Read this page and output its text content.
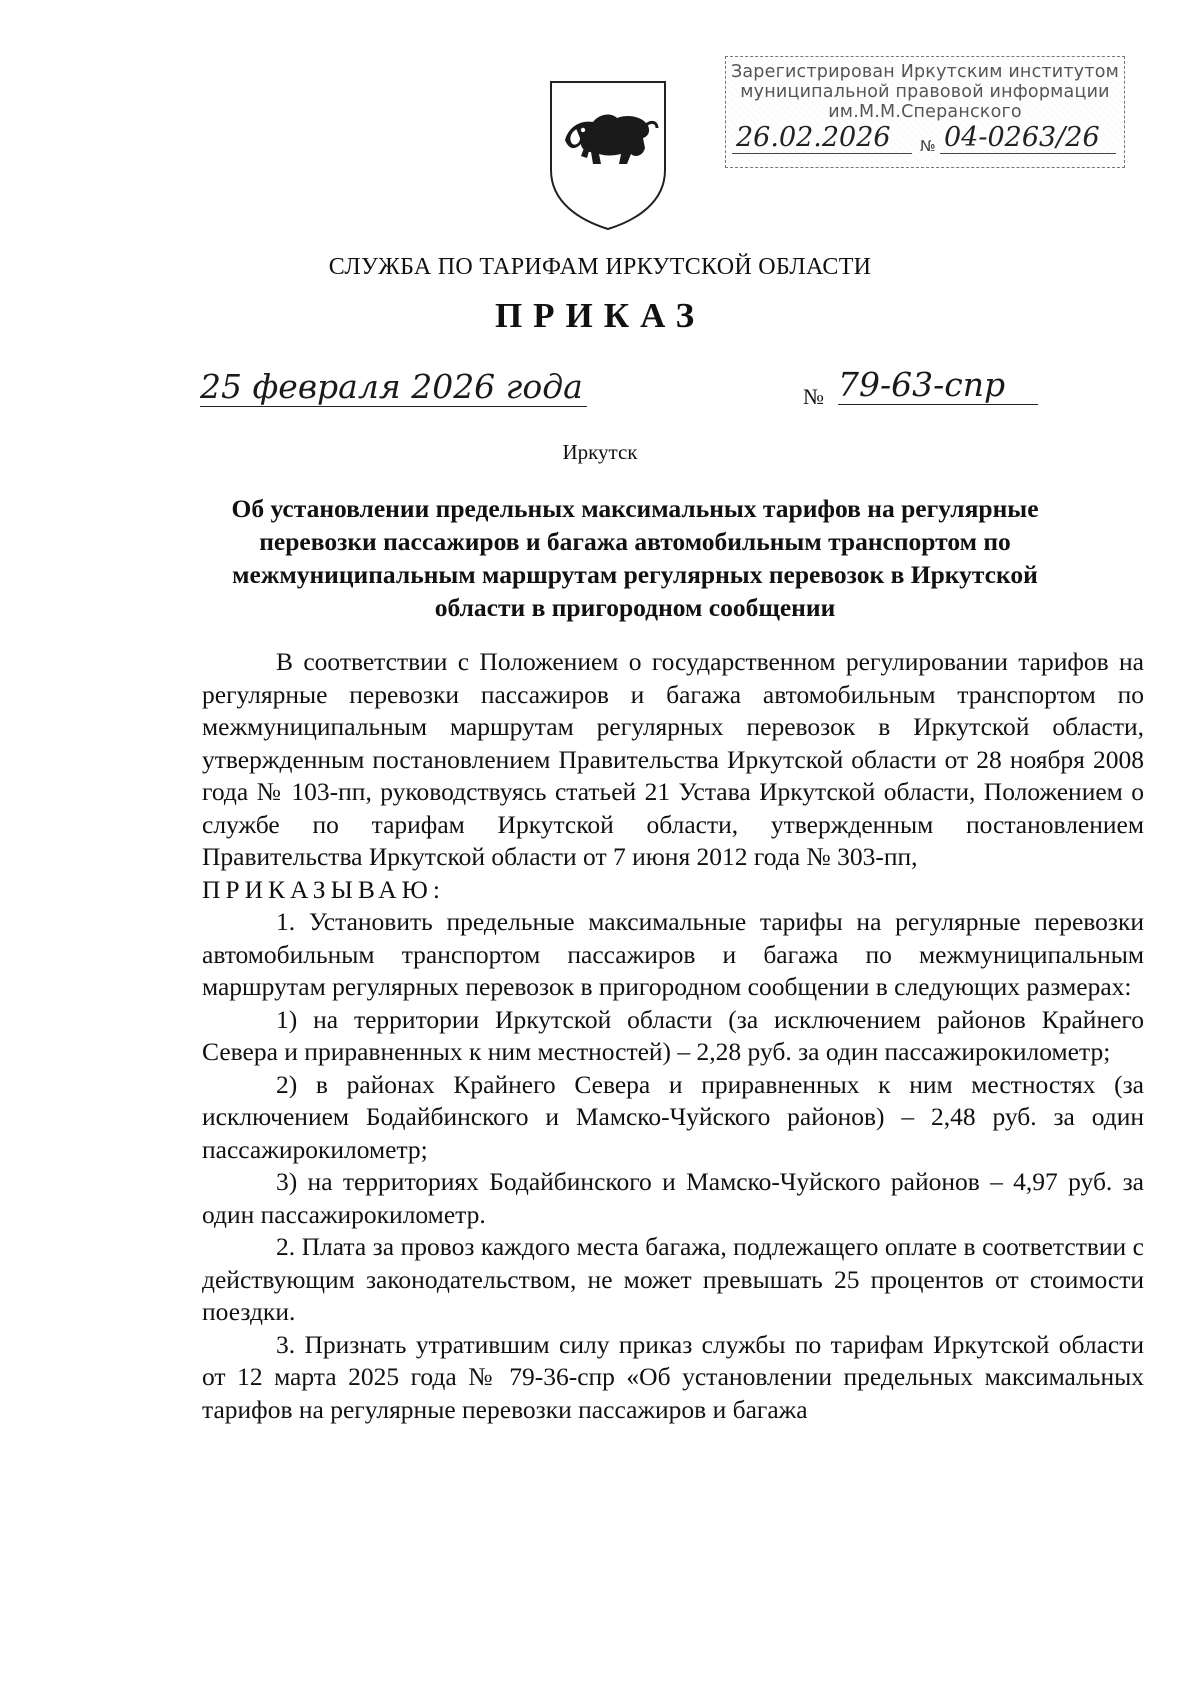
Зарегистрирован Иркутским институтом
муниципальной правовой информации
им.М.М.Сперанского
26.02.2026 № 04-0263/26
СЛУЖБА ПО ТАРИФАМ ИРКУТСКОЙ ОБЛАСТИ
ПРИКАЗ
25 февраля 2026 года	№ 79-63-спр
Иркутск
Об установлении предельных максимальных тарифов на регулярные перевозки пассажиров и багажа автомобильным транспортом по межмуниципальным маршрутам регулярных перевозок в Иркутской области в пригородном сообщении

В соответствии с Положением о государственном регулировании тарифов на регулярные перевозки пассажиров и багажа автомобильным транспортом по межмуниципальным маршрутам регулярных перевозок в Иркутской области, утвержденным постановлением Правительства Иркутской области от 28 ноября 2008 года № 103-пп, руководствуясь статьей 21 Устава Иркутской области, Положением о службе по тарифам Иркутской области, утвержденным постановлением Правительства Иркутской области от 7 июня 2012 года № 303-пп,

ПРИКАЗЫВАЮ:

1. Установить предельные максимальные тарифы на регулярные перевозки автомобильным транспортом пассажиров и багажа по межмуниципальным маршрутам регулярных перевозок в пригородном сообщении в следующих размерах:

1) на территории Иркутской области (за исключением районов Крайнего Севера и приравненных к ним местностей) – 2,28 руб. за один пассажирокилометр;

2) в районах Крайнего Севера и приравненных к ним местностях (за исключением Бодайбинского и Мамско-Чуйского районов) – 2,48 руб. за один пассажирокилометр;

3) на территориях Бодайбинского и Мамско-Чуйского районов – 4,97 руб. за один пассажирокилометр.

2. Плата за провоз каждого места багажа, подлежащего оплате в соответствии с действующим законодательством, не может превышать 25 процентов от стоимости поездки.

3. Признать утратившим силу приказ службы по тарифам Иркутской области от 12 марта 2025 года № 79-36-спр «Об установлении предельных максимальных тарифов на регулярные перевозки пассажиров и багажа
